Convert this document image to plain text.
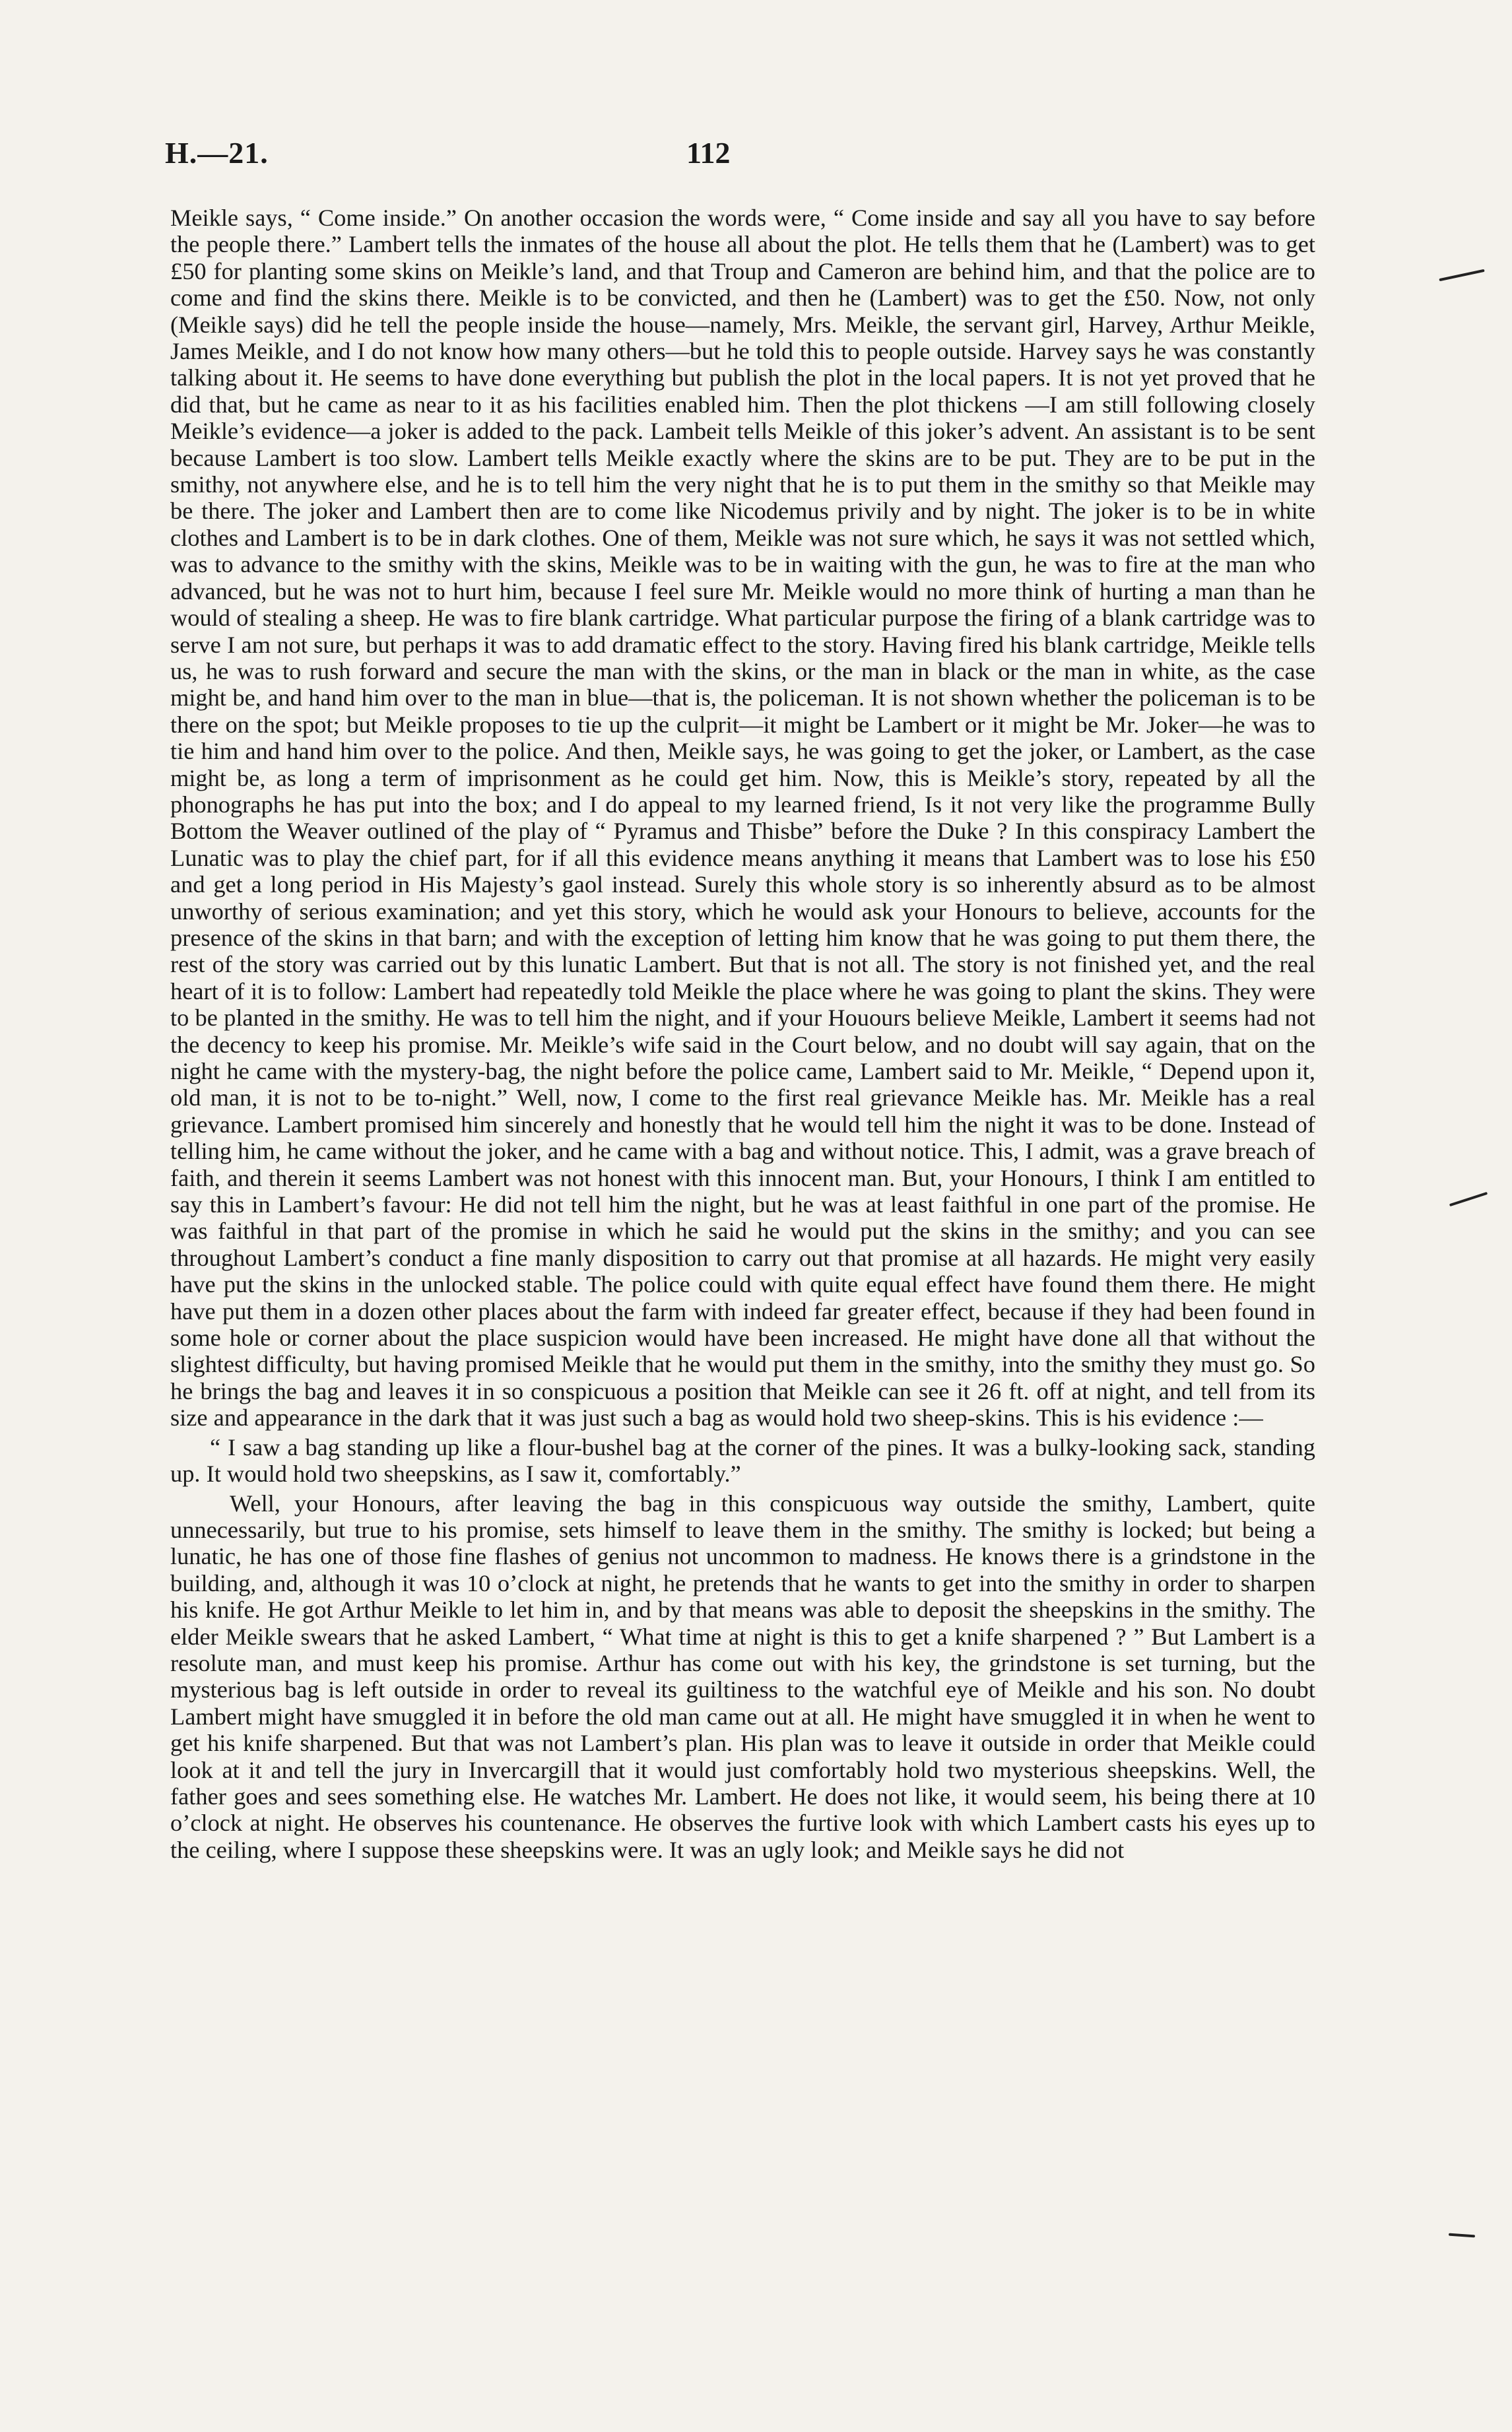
H.—21.	112

Meikle says, “ Come inside.” On another occasion the words were, “ Come inside and say all you have to say before the people there.” Lambert tells the inmates of the house all about the plot. He tells them that he (Lambert) was to get £50 for planting some skins on Meikle’s land, and that Troup and Cameron are behind him, and that the police are to come and find the skins there. Meikle is to be convicted, and then he (Lambert) was to get the £50. Now, not only (Meikle says) did he tell the people inside the house—namely, Mrs. Meikle, the servant girl, Harvey, Arthur Meikle, James Meikle, and I do not know how many others—but he told this to people outside. Harvey says he was constantly talking about it. He seems to have done everything but publish the plot in the local papers. It is not yet proved that he did that, but he came as near to it as his facilities enabled him. Then the plot thickens —I am still following closely Meikle’s evidence—a joker is added to the pack. Lambeit tells Meikle of this joker’s advent. An assistant is to be sent because Lambert is too slow. Lambert tells Meikle exactly where the skins are to be put. They are to be put in the smithy, not anywhere else, and he is to tell him the very night that he is to put them in the smithy so that Meikle may be there. The joker and Lambert then are to come like Nicodemus privily and by night. The joker is to be in white clothes and Lambert is to be in dark clothes. One of them, Meikle was not sure which, he says it was not settled which, was to advance to the smithy with the skins, Meikle was to be in waiting with the gun, he was to fire at the man who advanced, but he was not to hurt him, because I feel sure Mr. Meikle would no more think of hurting a man than he would of stealing a sheep. He was to fire blank cartridge. What particular purpose the firing of a blank cartridge was to serve I am not sure, but perhaps it was to add dramatic effect to the story. Having fired his blank cartridge, Meikle tells us, he was to rush forward and secure the man with the skins, or the man in black or the man in white, as the case might be, and hand him over to the man in blue—that is, the policeman. It is not shown whether the policeman is to be there on the spot; but Meikle proposes to tie up the culprit—it might be Lambert or it might be Mr. Joker—he was to tie him and hand him over to the police. And then, Meikle says, he was going to get the joker, or Lambert, as the case might be, as long a term of imprisonment as he could get him. Now, this is Meikle’s story, repeated by all the phonographs he has put into the box; and I do appeal to my learned friend, Is it not very like the programme Bully Bottom the Weaver outlined of the play of “ Pyramus and Thisbe” before the Duke ? In this conspiracy Lambert the Lunatic was to play the chief part, for if all this evidence means anything it means that Lambert was to lose his £50 and get a long period in His Majesty’s gaol instead. Surely this whole story is so inherently absurd as to be almost unworthy of serious examination; and yet this story, which he would ask your Honours to believe, accounts for the presence of the skins in that barn; and with the exception of letting him know that he was going to put them there, the rest of the story was carried out by this lunatic Lambert. But that is not all. The story is not finished yet, and the real heart of it is to follow: Lambert had repeatedly told Meikle the place where he was going to plant the skins. They were to be planted in the smithy. He was to tell him the night, and if your Houours believe Meikle, Lambert it seems had not the decency to keep his promise. Mr. Meikle’s wife said in the Court below, and no doubt will say again, that on the night he came with the mystery-bag, the night before the police came, Lambert said to Mr. Meikle, “ Depend upon it, old man, it is not to be to-night.” Well, now, I come to the first real grievance Meikle has. Mr. Meikle has a real grievance. Lambert promised him sincerely and honestly that he would tell him the night it was to be done. Instead of telling him, he came without the joker, and he came with a bag and without notice. This, I admit, was a grave breach of faith, and therein it seems Lambert was not honest with this innocent man. But, your Honours, I think I am entitled to say this in Lambert’s favour: He did not tell him the night, but he was at least faithful in one part of the promise. He was faithful in that part of the promise in which he said he would put the skins in the smithy; and you can see throughout Lambert’s conduct a fine manly disposition to carry out that promise at all hazards. He might very easily have put the skins in the unlocked stable. The police could with quite equal effect have found them there. He might have put them in a dozen other places about the farm with indeed far greater effect, because if they had been found in some hole or corner about the place suspicion would have been increased. He might have done all that without the slightest difficulty, but having promised Meikle that he would put them in the smithy, into the smithy they must go. So he brings the bag and leaves it in so conspicuous a position that Meikle can see it 26 ft. off at night, and tell from its size and appearance in the dark that it was just such a bag as would hold two sheep-skins. This is his evidence :—

“ I saw a bag standing up like a flour-bushel bag at the corner of the pines. It was a bulky-looking sack, standing up. It would hold two sheepskins, as I saw it, comfortably.”

Well, your Honours, after leaving the bag in this conspicuous way outside the smithy, Lambert, quite unnecessarily, but true to his promise, sets himself to leave them in the smithy. The smithy is locked; but being a lunatic, he has one of those fine flashes of genius not uncommon to madness. He knows there is a grindstone in the building, and, although it was 10 o’clock at night, he pretends that he wants to get into the smithy in order to sharpen his knife. He got Arthur Meikle to let him in, and by that means was able to deposit the sheepskins in the smithy. The elder Meikle swears that he asked Lambert, “ What time at night is this to get a knife sharpened ? ” But Lambert is a resolute man, and must keep his promise. Arthur has come out with his key, the grindstone is set turning, but the mysterious bag is left outside in order to reveal its guiltiness to the watchful eye of Meikle and his son. No doubt Lambert might have smuggled it in before the old man came out at all. He might have smuggled it in when he went to get his knife sharpened. But that was not Lambert’s plan. His plan was to leave it outside in order that Meikle could look at it and tell the jury in Invercargill that it would just comfortably hold two mysterious sheepskins. Well, the father goes and sees something else. He watches Mr. Lambert. He does not like, it would seem, his being there at 10 o’clock at night. He observes his countenance. He observes the furtive look with which Lambert casts his eyes up to the ceiling, where I suppose these sheepskins were. It was an ugly look; and Meikle says he did not
